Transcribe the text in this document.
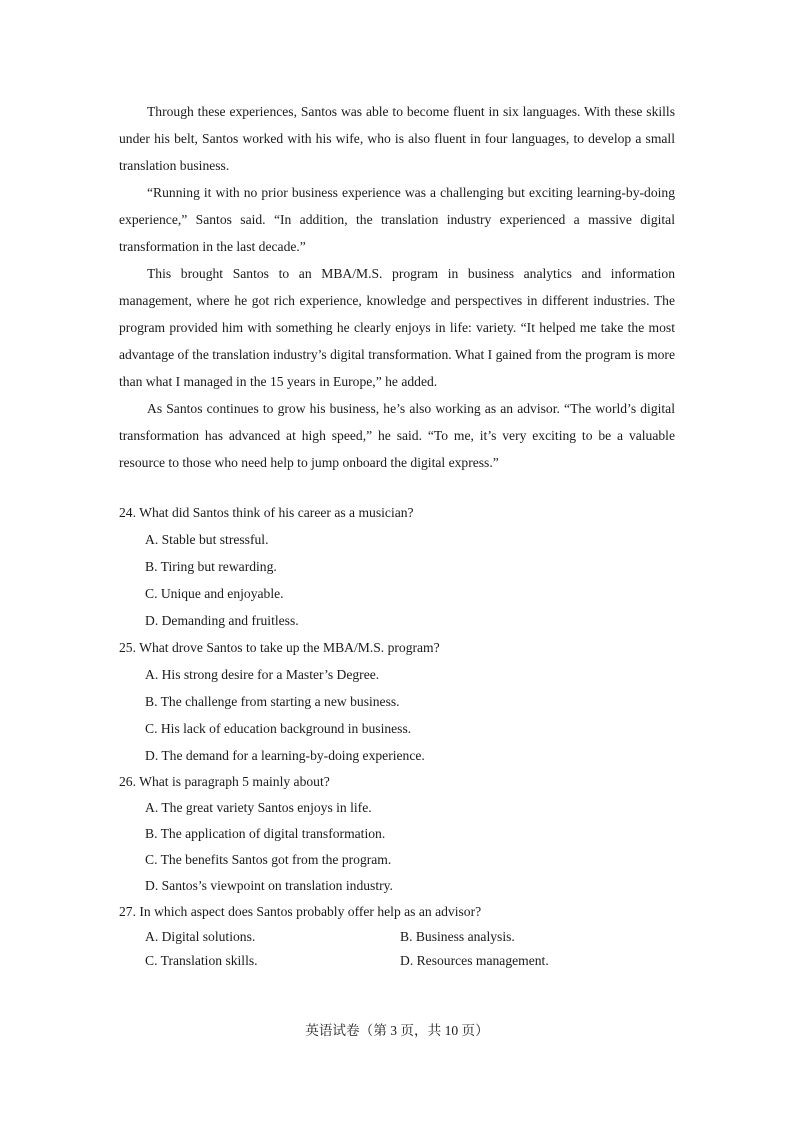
Through these experiences, Santos was able to become fluent in six languages. With these skills under his belt, Santos worked with his wife, who is also fluent in four languages, to develop a small translation business.

“Running it with no prior business experience was a challenging but exciting learning-by-doing experience,” Santos said. “In addition, the translation industry experienced a massive digital transformation in the last decade.”

This brought Santos to an MBA/M.S. program in business analytics and information management, where he got rich experience, knowledge and perspectives in different industries. The program provided him with something he clearly enjoys in life: variety. “It helped me take the most advantage of the translation industry’s digital transformation. What I gained from the program is more than what I managed in the 15 years in Europe,” he added.

As Santos continues to grow his business, he’s also working as an advisor. “The world’s digital transformation has advanced at high speed,” he said. “To me, it’s very exciting to be a valuable resource to those who need help to jump onboard the digital express.”

24. What did Santos think of his career as a musician?
A. Stable but stressful.
B. Tiring but rewarding.
C. Unique and enjoyable.
D. Demanding and fruitless.
25. What drove Santos to take up the MBA/M.S. program?
A. His strong desire for a Master’s Degree.
B. The challenge from starting a new business.
C. His lack of education background in business.
D. The demand for a learning-by-doing experience.
26. What is paragraph 5 mainly about?
A. The great variety Santos enjoys in life.
B. The application of digital transformation.
C. The benefits Santos got from the program.
D. Santos’s viewpoint on translation industry.
27. In which aspect does Santos probably offer help as an advisor?
A. Digital solutions.	B. Business analysis.
C. Translation skills.	D. Resources management.
英语试卷（第 3 页，共 10 页）
